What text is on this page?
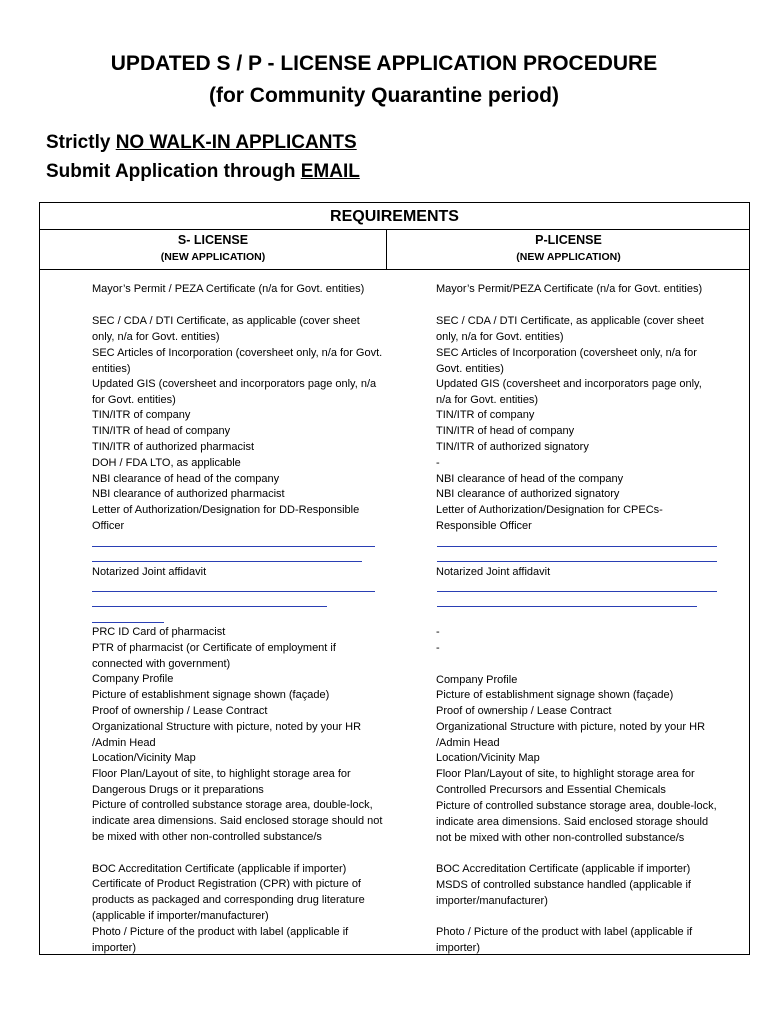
UPDATED S / P - LICENSE APPLICATION PROCEDURE
(for Community Quarantine period)

Strictly NO WALK-IN APPLICANTS

Submit Application through EMAIL

REQUIREMENTS
S- LICENSE
(NEW APPLICATION)
P-LICENSE
(NEW APPLICATION)

Mayor’s Permit / PEZA Certificate (n/a for Govt. entities)

SEC / CDA / DTI Certificate, as applicable (cover sheet only, n/a for Govt. entities)

SEC Articles of Incorporation (coversheet only, n/a for Govt. entities)

Updated GIS (coversheet and incorporators page only, n/a for Govt. entities)

TIN/ITR of company

TIN/ITR of head of company

TIN/ITR of authorized pharmacist

DOH / FDA LTO, as applicable

NBI clearance of head of the company

NBI clearance of authorized pharmacist

Letter of Authorization/Designation for DD-Responsible Officer

Notarized Joint affidavit

PRC ID Card of pharmacist

PTR of pharmacist (or Certificate of employment if connected with government)

Company Profile

Picture of establishment signage shown (façade)

Proof of ownership / Lease Contract

Organizational Structure with picture, noted by your HR /Admin Head

Location/Vicinity Map

Floor Plan/Layout of site, to highlight storage area for Dangerous Drugs or it preparations

Picture of controlled substance storage area, double-lock, indicate area dimensions. Said enclosed storage should not be mixed with other non-controlled substance/s

BOC Accreditation Certificate (applicable if importer)

Certificate of Product Registration (CPR) with picture of products as packaged and corresponding drug literature (applicable if importer/manufacturer)

Photo / Picture of the product with label (applicable if importer)

Mayor’s Permit/PEZA Certificate (n/a for Govt. entities)

SEC / CDA / DTI Certificate, as applicable (cover sheet only, n/a for Govt. entities)

SEC Articles of Incorporation (coversheet only, n/a for Govt. entities)

Updated GIS (coversheet and incorporators page only, n/a for Govt. entities)

TIN/ITR of company

TIN/ITR of head of company

TIN/ITR of authorized signatory

-

NBI clearance of head of the company

NBI clearance of authorized signatory

Letter of Authorization/Designation for CPECs-Responsible Officer

Notarized Joint affidavit

-

-

Company Profile

Picture of establishment signage shown (façade)

Proof of ownership / Lease Contract

Organizational Structure with picture, noted by your HR /Admin Head

Location/Vicinity Map

Floor Plan/Layout of site, to highlight storage area for Controlled Precursors and Essential Chemicals

Picture of controlled substance storage area, double-lock, indicate area dimensions. Said enclosed storage should not be mixed with other non-controlled substance/s

BOC Accreditation Certificate (applicable if importer)

MSDS of controlled substance handled (applicable if importer/manufacturer)

Photo / Picture of the product with label (applicable if importer)
